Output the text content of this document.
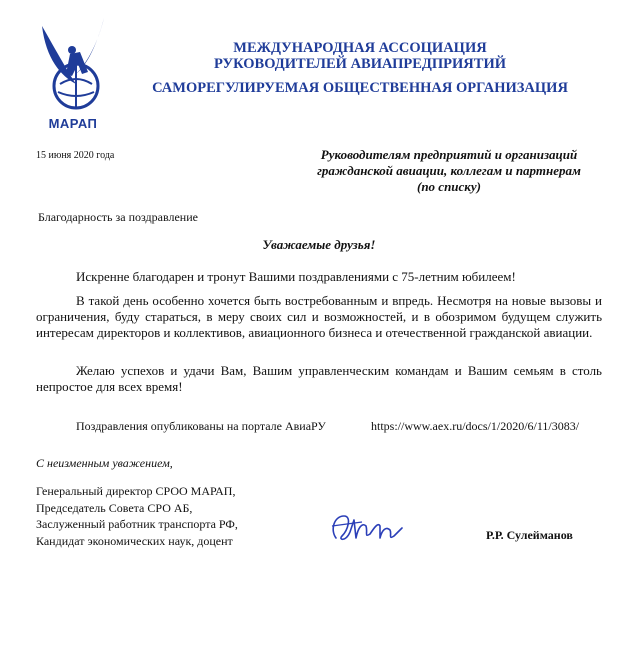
МАРАП
МЕЖДУНАРОДНАЯ АССОЦИАЦИЯ
РУКОВОДИТЕЛЕЙ АВИАПРЕДПРИЯТИЙ
САМОРЕГУЛИРУЕМАЯ ОБЩЕСТВЕННАЯ ОРГАНИЗАЦИЯ
15 июня 2020 года	Руководителям предприятий и организаций
гражданской авиации, коллегам и партнерам
(по списку)
Благодарность за поздравление
Уважаемые друзья!
Искренне благодарен и тронут Вашими поздравлениями с 75-летним юбилеем!
В такой день особенно хочется быть востребованным и впредь. Несмотря на новые вызовы и ограничения, буду стараться, в меру своих сил и возможностей, и в обозримом будущем служить интересам директоров и коллективов, авиационного бизнеса и отечественной гражданской авиации.
Желаю успехов и удачи Вам, Вашим управленческим командам и Вашим семьям в столь непростое для всех время!
Поздравления опубликованы на портале АвиаРУ	https://www.aex.ru/docs/1/2020/6/11/3083/
С неизменным уважением,
Генеральный директор СРОО МАРАП,
Председатель Совета СРО АБ,
Заслуженный работник транспорта РФ,
Кандидат экономических наук, доцент	Р.Р. Сулейманов
